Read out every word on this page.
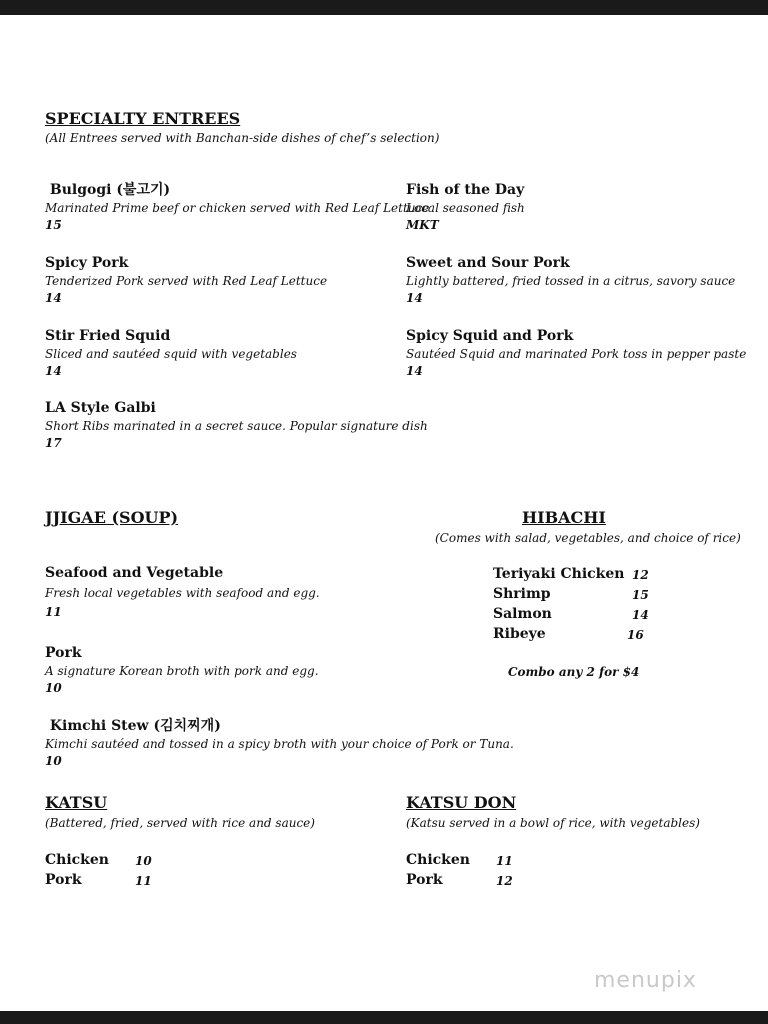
SPECIALTY ENTREES
(All Entrees served with Banchan-side dishes of chef’s selection)
Bulgogi (불고기)
Marinated Prime beef or chicken served with Red Leaf Lettuce
15
Fish of the Day
Local seasoned fish
MKT
Spicy Pork
Tenderized Pork served with Red Leaf Lettuce
14
Sweet and Sour Pork
Lightly battered, fried tossed in a citrus, savory sauce
14
Stir Fried Squid
Sliced and sautéed squid with vegetables
14
Spicy Squid and Pork
Sautéed Squid and marinated Pork toss in pepper paste
14
LA Style Galbi
Short Ribs marinated in a secret sauce. Popular signature dish
17
JJIGAE (SOUP)
Seafood and Vegetable
Fresh local vegetables with seafood and egg.
11
Pork
A signature Korean broth with pork and egg.
10
Kimchi Stew (김치찌개)
Kimchi sautéed and tossed in a spicy broth with your choice of Pork or Tuna.
10
HIBACHI
(Comes with salad, vegetables, and choice of rice)
Teriyaki Chicken 12
Shrimp	15
Salmon	14
Ribeye	16
Combo any 2 for $4
KATSU
(Battered, fried, served with rice and sauce)
Chicken 10
Pork	11
KATSU DON
(Katsu served in a bowl of rice, with vegetables)
Chicken 11
Pork	12
menupix
